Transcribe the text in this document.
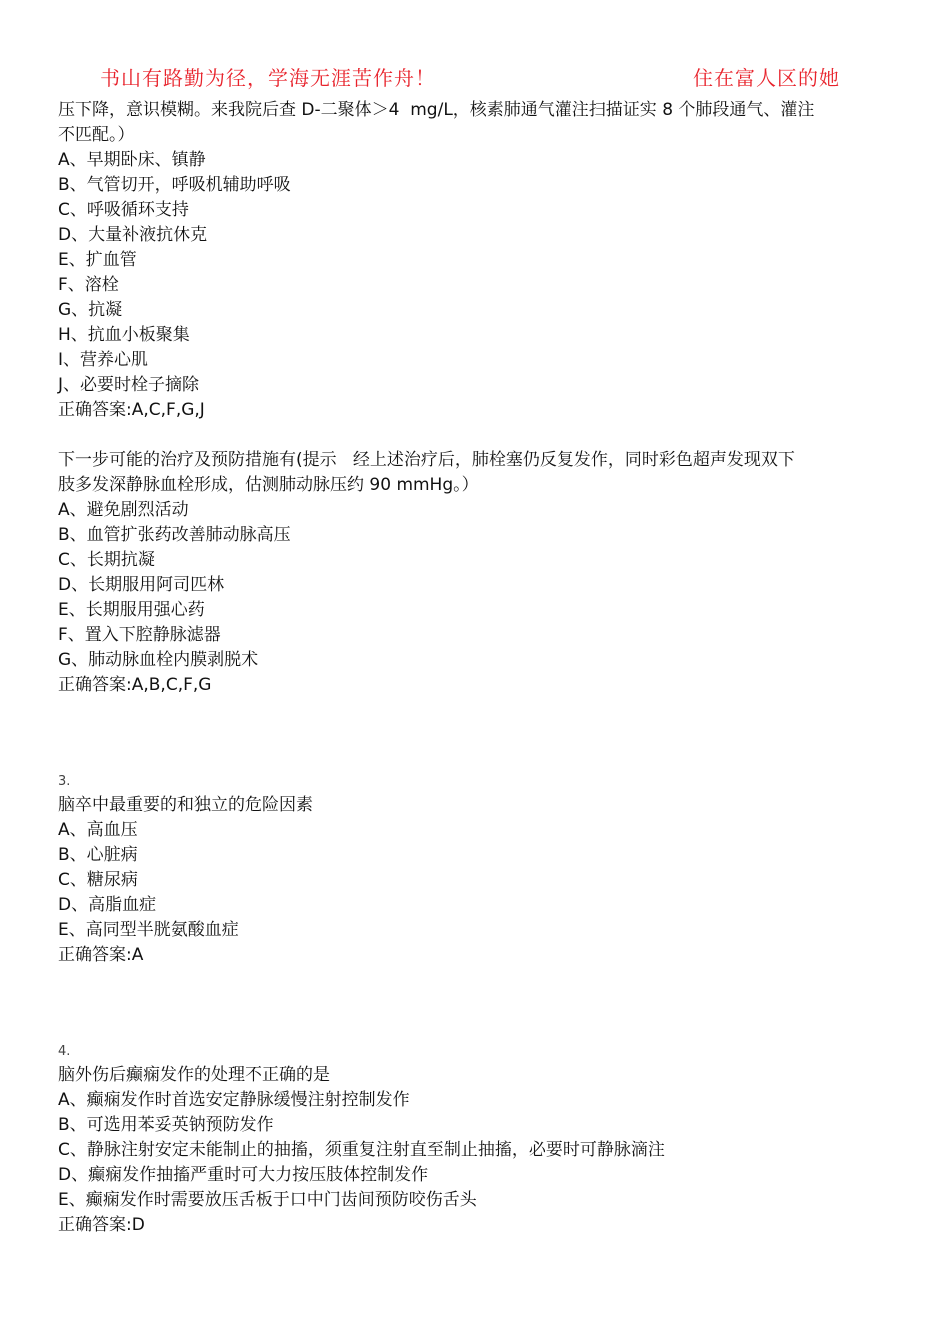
书山有路勤为径，学海无涯苦作舟！	住在富人区的她
压下降，意识模糊。来我院后查 D-二聚体＞4  mg/L，核素肺通气灌注扫描证实 8 个肺段通气、灌注
不匹配。）
A、早期卧床、镇静
B、气管切开，呼吸机辅助呼吸
C、呼吸循环支持
D、大量补液抗休克
E、扩血管
F、溶栓
G、抗凝
H、抗血小板聚集
I、营养心肌
J、必要时栓子摘除
正确答案:A,C,F,G,J
下一步可能的治疗及预防措施有(提示   经上述治疗后，肺栓塞仍反复发作，同时彩色超声发现双下
肢多发深静脉血栓形成，估测肺动脉压约 90 mmHg。）
A、避免剧烈活动
B、血管扩张药改善肺动脉高压
C、长期抗凝
D、长期服用阿司匹林
E、长期服用强心药
F、置入下腔静脉滤器
G、肺动脉血栓内膜剥脱术
正确答案:A,B,C,F,G
3.
脑卒中最重要的和独立的危险因素
A、高血压
B、心脏病
C、糖尿病
D、高脂血症
E、高同型半胱氨酸血症
正确答案:A
4.
脑外伤后癫痫发作的处理不正确的是
A、癫痫发作时首选安定静脉缓慢注射控制发作
B、可选用苯妥英钠预防发作
C、静脉注射安定未能制止的抽搐，须重复注射直至制止抽搐，必要时可静脉滴注
D、癫痫发作抽搐严重时可大力按压肢体控制发作
E、癫痫发作时需要放压舌板于口中门齿间预防咬伤舌头
正确答案:D
